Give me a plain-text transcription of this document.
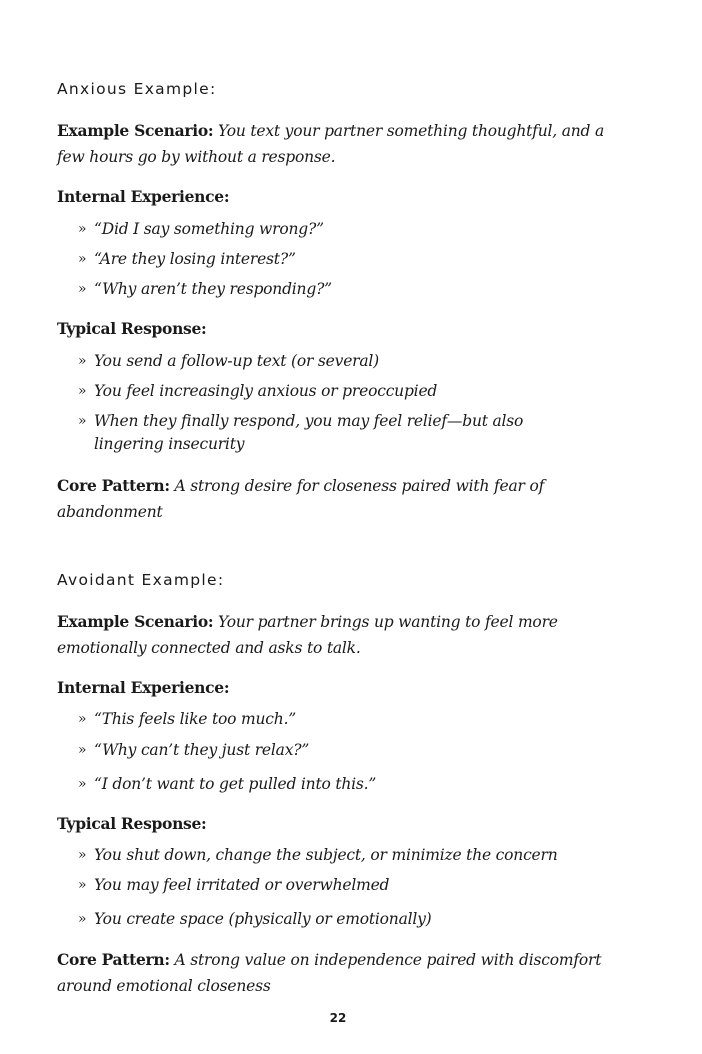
Anxious Example:

Example Scenario: You text your partner something thoughtful, and a few hours go by without a response.

Internal Experience:

» “Did I say something wrong?”
» “Are they losing interest?”
» “Why aren’t they responding?”

Typical Response:

» You send a follow-up text (or several)
» You feel increasingly anxious or preoccupied
» When they finally respond, you may feel relief—but also lingering insecurity

Core Pattern: A strong desire for closeness paired with fear of abandonment

Avoidant Example:

Example Scenario: Your partner brings up wanting to feel more emotionally connected and asks to talk.

Internal Experience:

» “This feels like too much.”
» “Why can’t they just relax?”
» “I don’t want to get pulled into this.”

Typical Response:

» You shut down, change the subject, or minimize the concern
» You may feel irritated or overwhelmed
» You create space (physically or emotionally)

Core Pattern: A strong value on independence paired with discomfort around emotional closeness

22
